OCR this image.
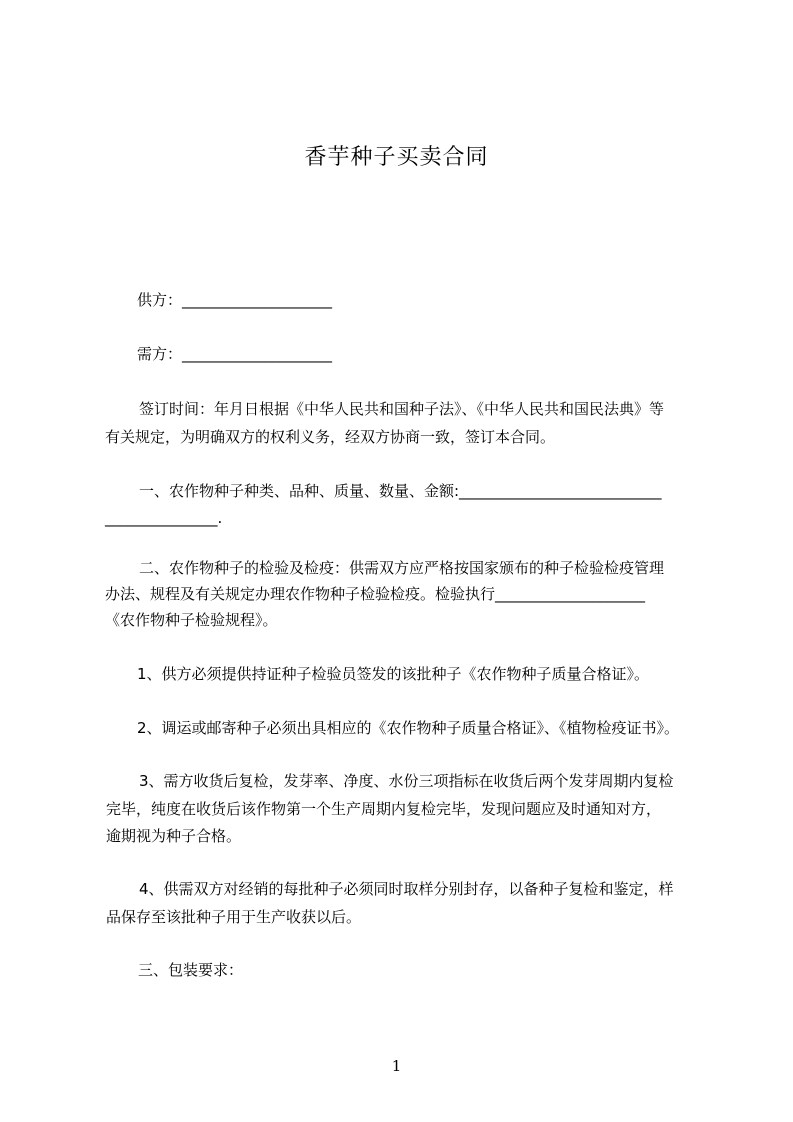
香芋种子买卖合同
供方：____________________
需方：____________________
签订时间：年月日根据《中华人民共和国种子法》、《中华人民共和国民法典》等
有关规定，为明确双方的权利义务，经双方协商一致，签订本合同。
一、农作物种子种类、品种、质量、数量、金额:___________________________
_______________.
二、农作物种子的检验及检疫：供需双方应严格按国家颁布的种子检验检疫管理
办法、规程及有关规定办理农作物种子检验检疫。检验执行____________________
《农作物种子检验规程》。
1、供方必须提供持证种子检验员签发的该批种子《农作物种子质量合格证》。
2、调运或邮寄种子必须出具相应的《农作物种子质量合格证》、《植物检疫证书》。
3、需方收货后复检，发芽率、净度、水份三项指标在收货后两个发芽周期内复检
完毕，纯度在收货后该作物第一个生产周期内复检完毕，发现问题应及时通知对方，
逾期视为种子合格。
4、供需双方对经销的每批种子必须同时取样分别封存，以备种子复检和鉴定，样
品保存至该批种子用于生产收获以后。
三、包装要求：
1
